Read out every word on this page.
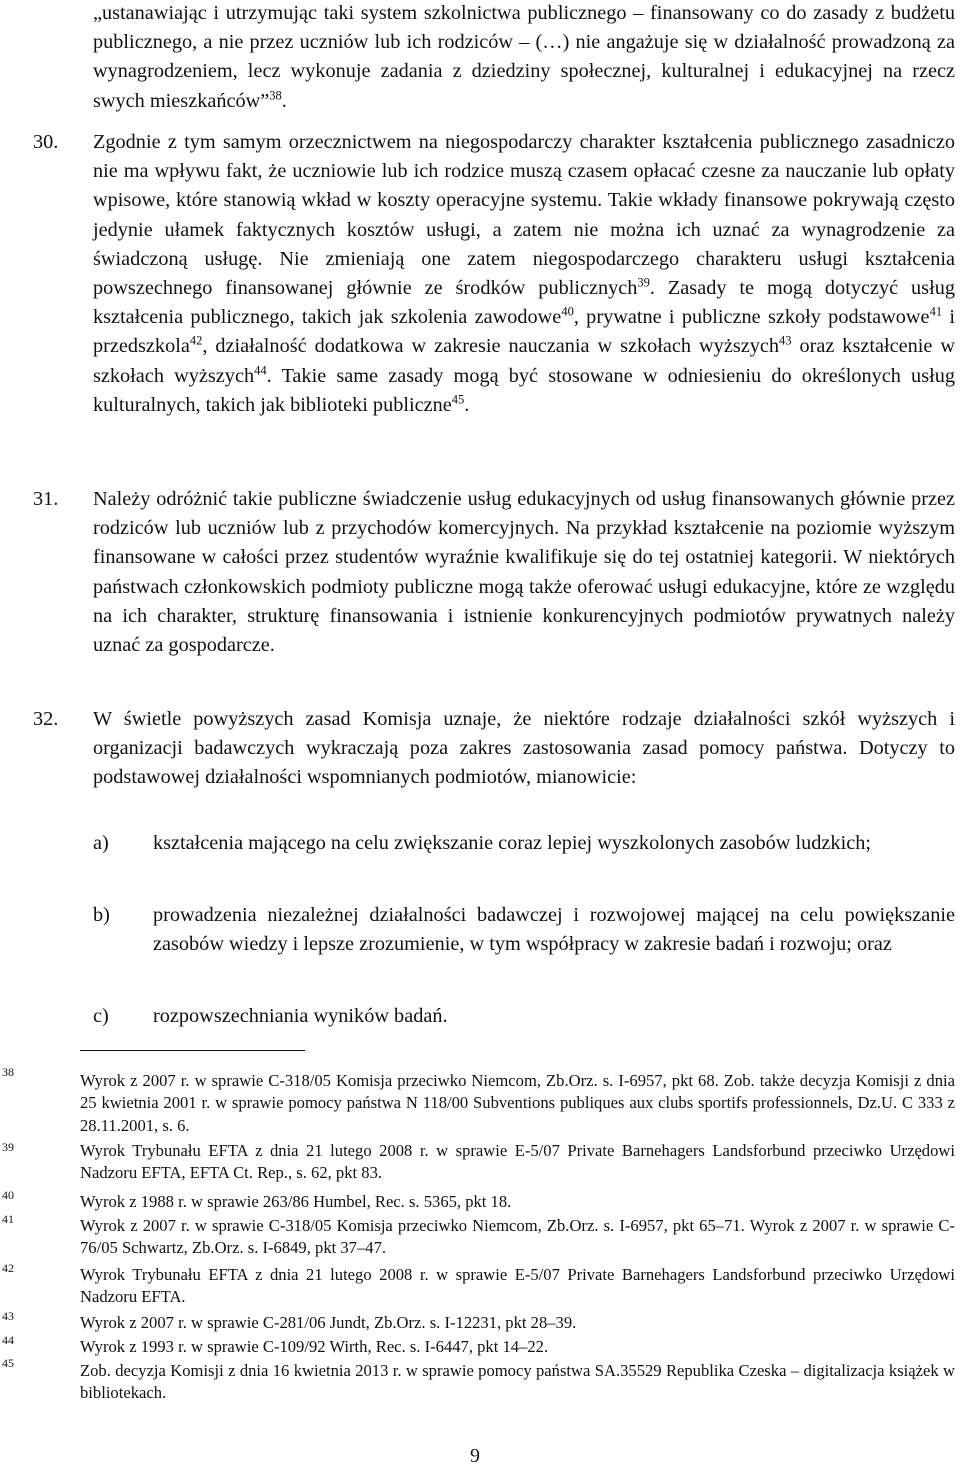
„ustanawiając i utrzymując taki system szkolnictwa publicznego – finansowany co do zasady z budżetu publicznego, a nie przez uczniów lub ich rodziców – (…) nie angażuje się w działalność prowadzoną za wynagrodzeniem, lecz wykonuje zadania z dziedziny społecznej, kulturalnej i edukacyjnej na rzecz swych mieszkańców”$^{38}$.
30. Zgodnie z tym samym orzecznictwem na niegospodarczy charakter kształcenia publicznego zasadniczo nie ma wpływu fakt, że uczniowie lub ich rodzice muszą czasem opłacać czesne za nauczanie lub opłaty wpisowe, które stanowią wkład w koszty operacyjne systemu. Takie wkłady finansowe pokrywają często jedynie ułamek faktycznych kosztów usługi, a zatem nie można ich uznać za wynagrodzenie za świadczoną usługę. Nie zmieniają one zatem niegospodarczego charakteru usługi kształcenia powszechnego finansowanej głównie ze środków publicznych$^{39}$. Zasady te mogą dotyczyć usług kształcenia publicznego, takich jak szkolenia zawodowe$^{40}$, prywatne i publiczne szkoły podstawowe$^{41}$ i przedszkola$^{42}$, działalność dodatkowa w zakresie nauczania w szkołach wyższych$^{43}$ oraz kształcenie w szkołach wyższych$^{44}$. Takie same zasady mogą być stosowane w odniesieniu do określonych usług kulturalnych, takich jak biblioteki publiczne$^{45}$.
31. Należy odróżnić takie publiczne świadczenie usług edukacyjnych od usług finansowanych głównie przez rodziców lub uczniów lub z przychodów komercyjnych. Na przykład kształcenie na poziomie wyższym finansowane w całości przez studentów wyraźnie kwalifikuje się do tej ostatniej kategorii. W niektórych państwach członkowskich podmioty publiczne mogą także oferować usługi edukacyjne, które ze względu na ich charakter, strukturę finansowania i istnienie konkurencyjnych podmiotów prywatnych należy uznać za gospodarcze.
32. W świetle powyższych zasad Komisja uznaje, że niektóre rodzaje działalności szkół wyższych i organizacji badawczych wykraczają poza zakres zastosowania zasad pomocy państwa. Dotyczy to podstawowej działalności wspomnianych podmiotów, mianowicie:
a) kształcenia mającego na celu zwiększanie coraz lepiej wyszkolonych zasobów ludzkich;
b) prowadzenia niezależnej działalności badawczej i rozwojowej mającej na celu powiększanie zasobów wiedzy i lepsze zrozumienie, w tym współpracy w zakresie badań i rozwoju; oraz
c) rozpowszechniania wyników badań.
38	Wyrok z 2007 r. w sprawie C-318/05 Komisja przeciwko Niemcom, Zb.Orz. s. I-6957, pkt 68. Zob. także decyzja Komisji z dnia 25 kwietnia 2001 r. w sprawie pomocy państwa N 118/00 Subventions publiques aux clubs sportifs professionnels, Dz.U. C 333 z 28.11.2001, s. 6.
39	Wyrok Trybunału EFTA z dnia 21 lutego 2008 r. w sprawie E-5/07 Private Barnehagers Landsforbund przeciwko Urzędowi Nadzoru EFTA, EFTA Ct. Rep., s. 62, pkt 83.
40	Wyrok z 1988 r. w sprawie 263/86 Humbel, Rec. s. 5365, pkt 18.
41	Wyrok z 2007 r. w sprawie C-318/05 Komisja przeciwko Niemcom, Zb.Orz. s. I-6957, pkt 65–71. Wyrok z 2007 r. w sprawie C-76/05 Schwartz, Zb.Orz. s. I-6849, pkt 37–47.
42	Wyrok Trybunału EFTA z dnia 21 lutego 2008 r. w sprawie E-5/07 Private Barnehagers Landsforbund przeciwko Urzędowi Nadzoru EFTA.
43	Wyrok z 2007 r. w sprawie C-281/06 Jundt, Zb.Orz. s. I-12231, pkt 28–39.
44	Wyrok z 1993 r. w sprawie C-109/92 Wirth, Rec. s. I-6447, pkt 14–22.
45	Zob. decyzja Komisji z dnia 16 kwietnia 2013 r. w sprawie pomocy państwa SA.35529 Republika Czeska – digitalizacja książek w bibliotekach.
9
